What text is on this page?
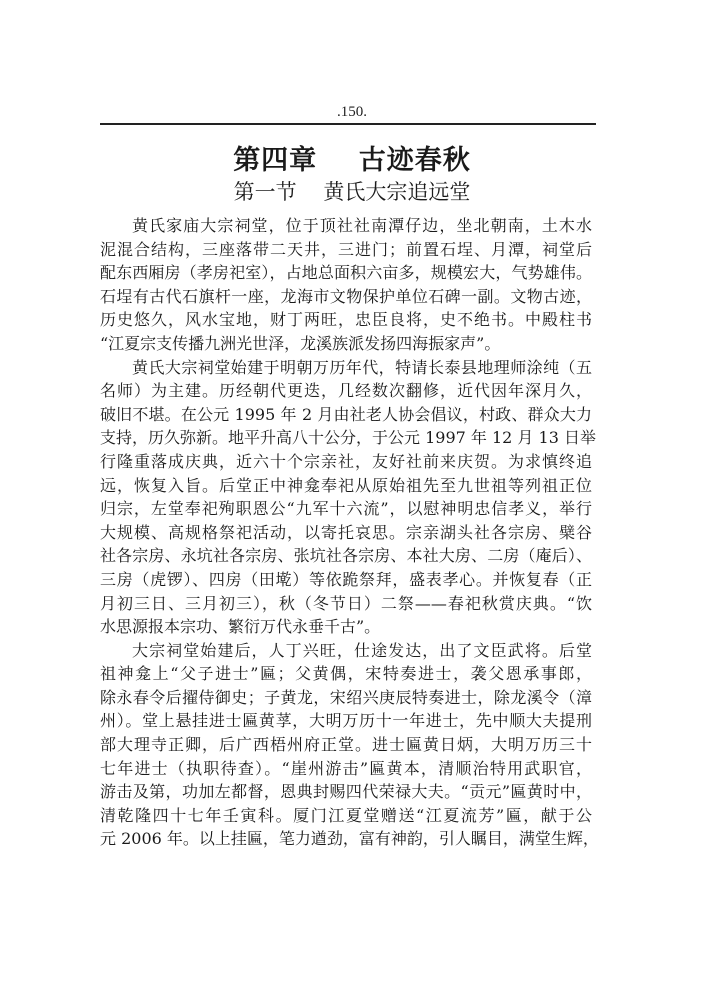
.150.
第四章    古迹春秋
第一节    黄氏大宗追远堂
黄氏家庙大宗祠堂，位于顶社社南潭仔边，坐北朝南，土木水
泥混合结构，三座落带二天井，三进门；前置石埕、月潭，祠堂后
配东西厢房（孝房祀室），占地总面积六亩多，规模宏大，气势雄伟。
石埕有古代石旗杆一座，龙海市文物保护单位石碑一副。文物古迹，
历史悠久，风水宝地，财丁两旺，忠臣良将，史不绝书。中殿柱书
“江夏宗支传播九洲光世泽，龙溪族派发扬四海振家声”。
黄氏大宗祠堂始建于明朝万历年代，特请长泰县地理师涂纯（五
名师）为主建。历经朝代更迭，几经数次翻修，近代因年深月久，
破旧不堪。在公元 1995 年 2 月由社老人协会倡议，村政、群众大力
支持，历久弥新。地平升高八十公分，于公元 1997 年 12 月 13 日举
行隆重落成庆典，近六十个宗亲社，友好社前来庆贺。为求慎终追
远，恢复入旨。后堂正中神龛奉祀从原始祖先至九世祖等列祖正位
归宗，左堂奉祀殉职恩公“九军十六流”，以慰神明忠信孝义，举行
大规模、高规格祭祀活动，以寄托哀思。宗亲湖头社各宗房、檗谷
社各宗房、永坑社各宗房、张坑社各宗房、本社大房、二房（庵后）、
三房（虎锣）、四房（田墘）等依跪祭拜，盛表孝心。并恢复春（正
月初三日、三月初三），秋（冬节日）二祭——春祀秋赏庆典。“饮
水思源报本宗功、繁衍万代永垂千古”。
大宗祠堂始建后，人丁兴旺，仕途发达，出了文臣武将。后堂
祖神龛上“父子进士”匾；父黄偶，宋特奏进士，袭父恩承事郎，
除永春令后擢侍御史；子黄龙，宋绍兴庚辰特奏进士，除龙溪令（漳
州）。堂上悬挂进士匾黄莩，大明万历十一年进士，先中顺大夫提刑
部大理寺正卿，后广西梧州府正堂。进士匾黄日炳，大明万历三十
七年进士（执职待查）。“崖州游击”匾黄本，清顺治特用武职官，
游击及第，功加左都督，恩典封赐四代荣禄大夫。“贡元”匾黄时中，
清乾隆四十七年壬寅科。厦门江夏堂赠送“江夏流芳”匾，献于公
元 2006 年。以上挂匾，笔力遒劲，富有神韵，引人瞩目，满堂生辉，
